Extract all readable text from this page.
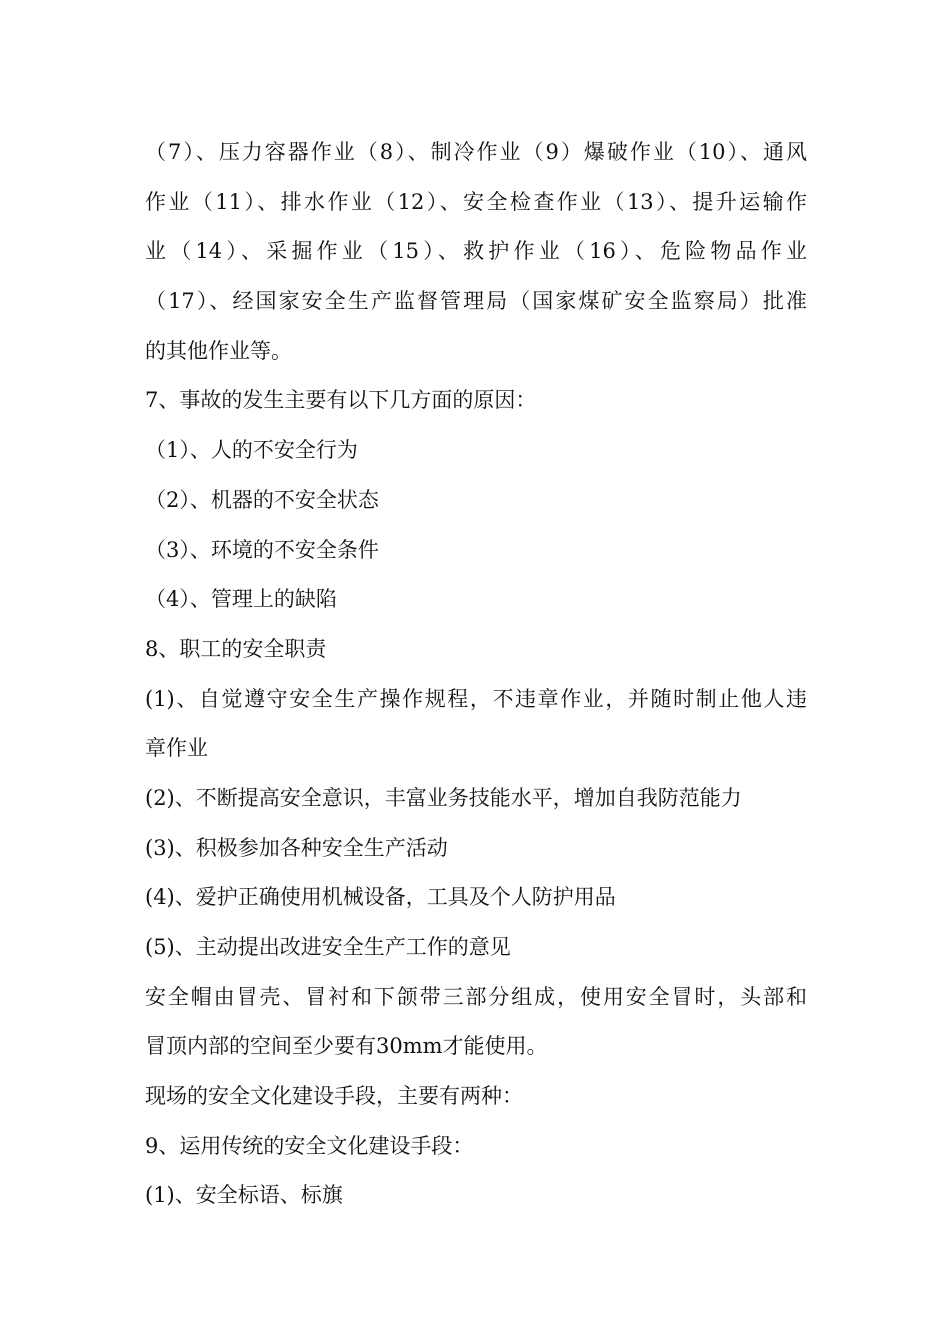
（7）、压力容器作业（8）、制冷作业（9）爆破作业（10）、通风
作业（11）、排水作业（12）、安全检查作业（13）、提升运输作
业（14）、采掘作业（15）、救护作业（16）、危险物品作业
（17）、经国家安全生产监督管理局（国家煤矿安全监察局）批准
的其他作业等。
7、事故的发生主要有以下几方面的原因：
（1）、人的不安全行为
（2）、机器的不安全状态
（3）、环境的不安全条件
（4）、管理上的缺陷
8、职工的安全职责
(1)、自觉遵守安全生产操作规程，不违章作业，并随时制止他人违
章作业
(2)、不断提高安全意识，丰富业务技能水平，增加自我防范能力
(3)、积极参加各种安全生产活动
(4)、爱护正确使用机械设备，工具及个人防护用品
(5)、主动提出改进安全生产工作的意见
安全帽由冒壳、冒衬和下颌带三部分组成，使用安全冒时，头部和
冒顶内部的空间至少要有30mm才能使用。
现场的安全文化建设手段，主要有两种：
9、运用传统的安全文化建设手段：
(1)、安全标语、标旗
